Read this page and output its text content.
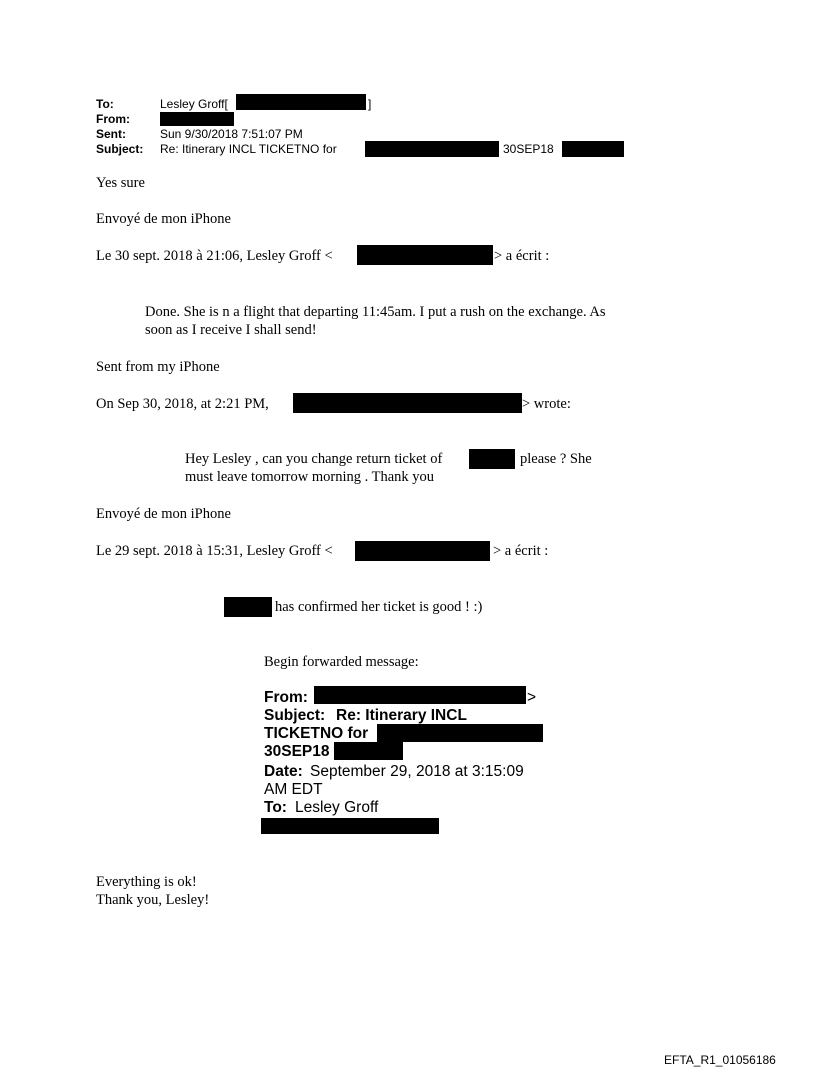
To:	Lesley Groff[	]
From:
Sent:	Sun 9/30/2018 7:51:07 PM
Subject: Re: Itinerary INCL TICKETNO for	30SEP18
Yes sure
Envoyé de mon iPhone
Le 30 sept. 2018 à 21:06, Lesley Groff <	> a écrit :
Done. She is n a flight that departing 11:45am. I put a rush on the exchange. As
soon as I receive I shall send!
Sent from my iPhone
On Sep 30, 2018, at 2:21 PM,	> wrote:
Hey Lesley , can you change return ticket of	please ? She
must leave tomorrow morning . Thank you
Envoyé de mon iPhone
Le 29 sept. 2018 à 15:31, Lesley Groff <	> a écrit :
has confirmed her ticket is good ! :)
Begin forwarded message:
From:	>
Subject: Re: Itinerary INCL
TICKETNO for
30SEP18
Date: September 29, 2018 at 3:15:09
AM EDT
To: Lesley Groff
Everything is ok!
Thank you, Lesley!
EFTA_R1_01056186
